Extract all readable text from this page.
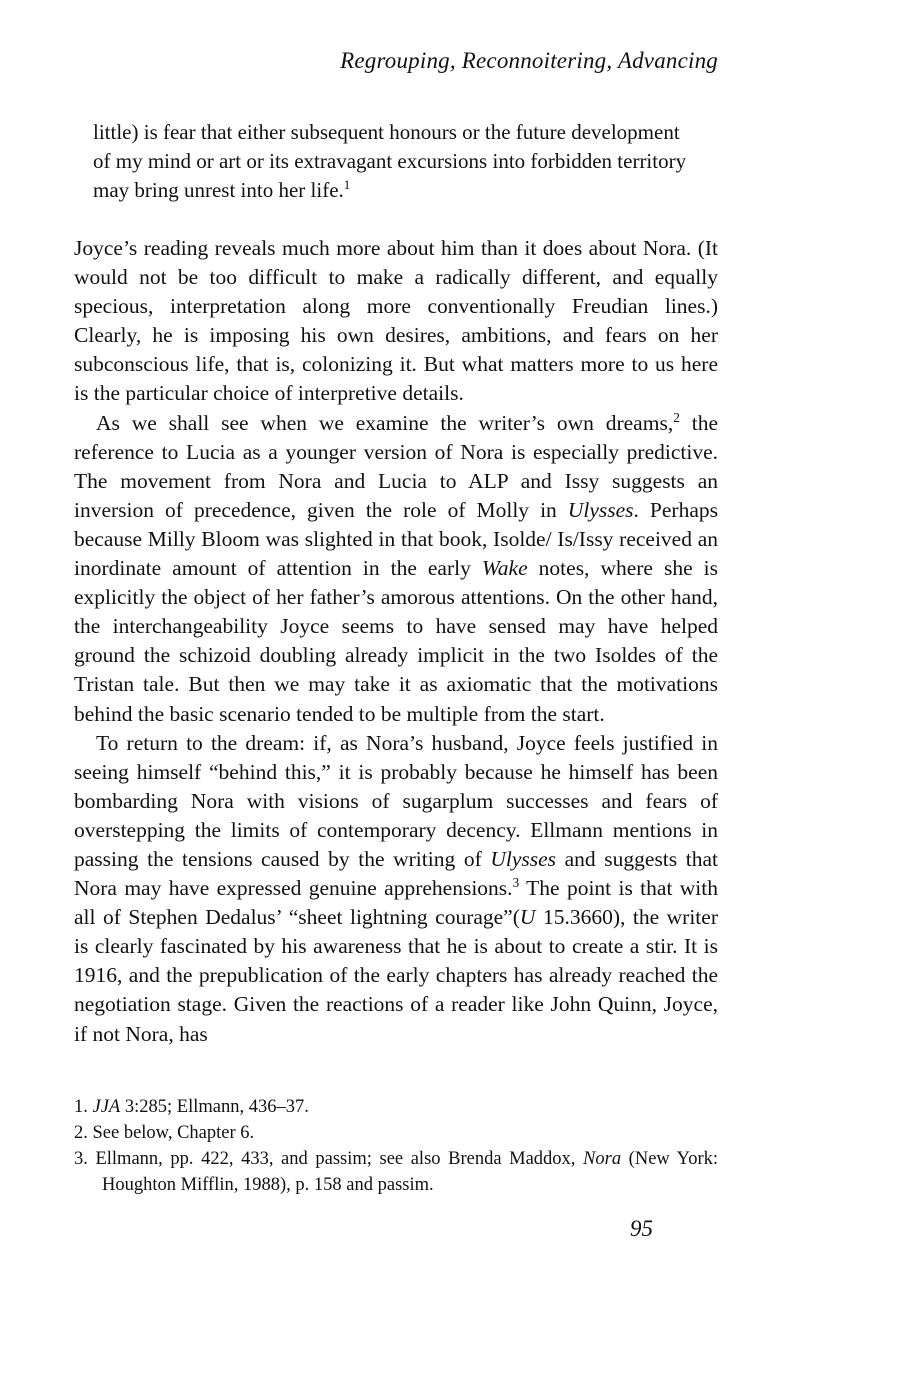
Regrouping, Reconnoitering, Advancing
little) is fear that either subsequent honours or the future development of my mind or art or its extravagant excursions into forbidden territory may bring unrest into her life.$^1$

Joyce’s reading reveals much more about him than it does about Nora. (It would not be too difficult to make a radically different, and equally specious, interpretation along more conventionally Freudian lines.) Clearly, he is imposing his own desires, ambitions, and fears on her subconscious life, that is, colonizing it. But what matters more to us here is the particular choice of interpretive details.

As we shall see when we examine the writer’s own dreams,$^2$ the reference to Lucia as a younger version of Nora is especially predictive. The movement from Nora and Lucia to ALP and Issy suggests an inversion of precedence, given the role of Molly in Ulysses. Perhaps because Milly Bloom was slighted in that book, Isolde/ Is/Issy received an inordinate amount of attention in the early Wake notes, where she is explicitly the object of her father’s amorous attentions. On the other hand, the interchangeability Joyce seems to have sensed may have helped ground the schizoid doubling already implicit in the two Isoldes of the Tristan tale. But then we may take it as axiomatic that the motivations behind the basic scenario tended to be multiple from the start.

To return to the dream: if, as Nora’s husband, Joyce feels justified in seeing himself “behind this,” it is probably because he himself has been bombarding Nora with visions of sugarplum successes and fears of overstepping the limits of contemporary decency. Ellmann mentions in passing the tensions caused by the writing of Ulysses and suggests that Nora may have expressed genuine apprehensions.$^3$ The point is that with all of Stephen Dedalus’ “sheet lightning courage”(U 15.3660), the writer is clearly fascinated by his awareness that he is about to create a stir. It is 1916, and the prepublication of the early chapters has already reached the negotiation stage. Given the reactions of a reader like John Quinn, Joyce, if not Nora, has

1. JJA 3:285; Ellmann, 436–37.

2. See below, Chapter 6.

3. Ellmann, pp. 422, 433, and passim; see also Brenda Maddox, Nora (New York: Houghton Mifflin, 1988), p. 158 and passim.

95
